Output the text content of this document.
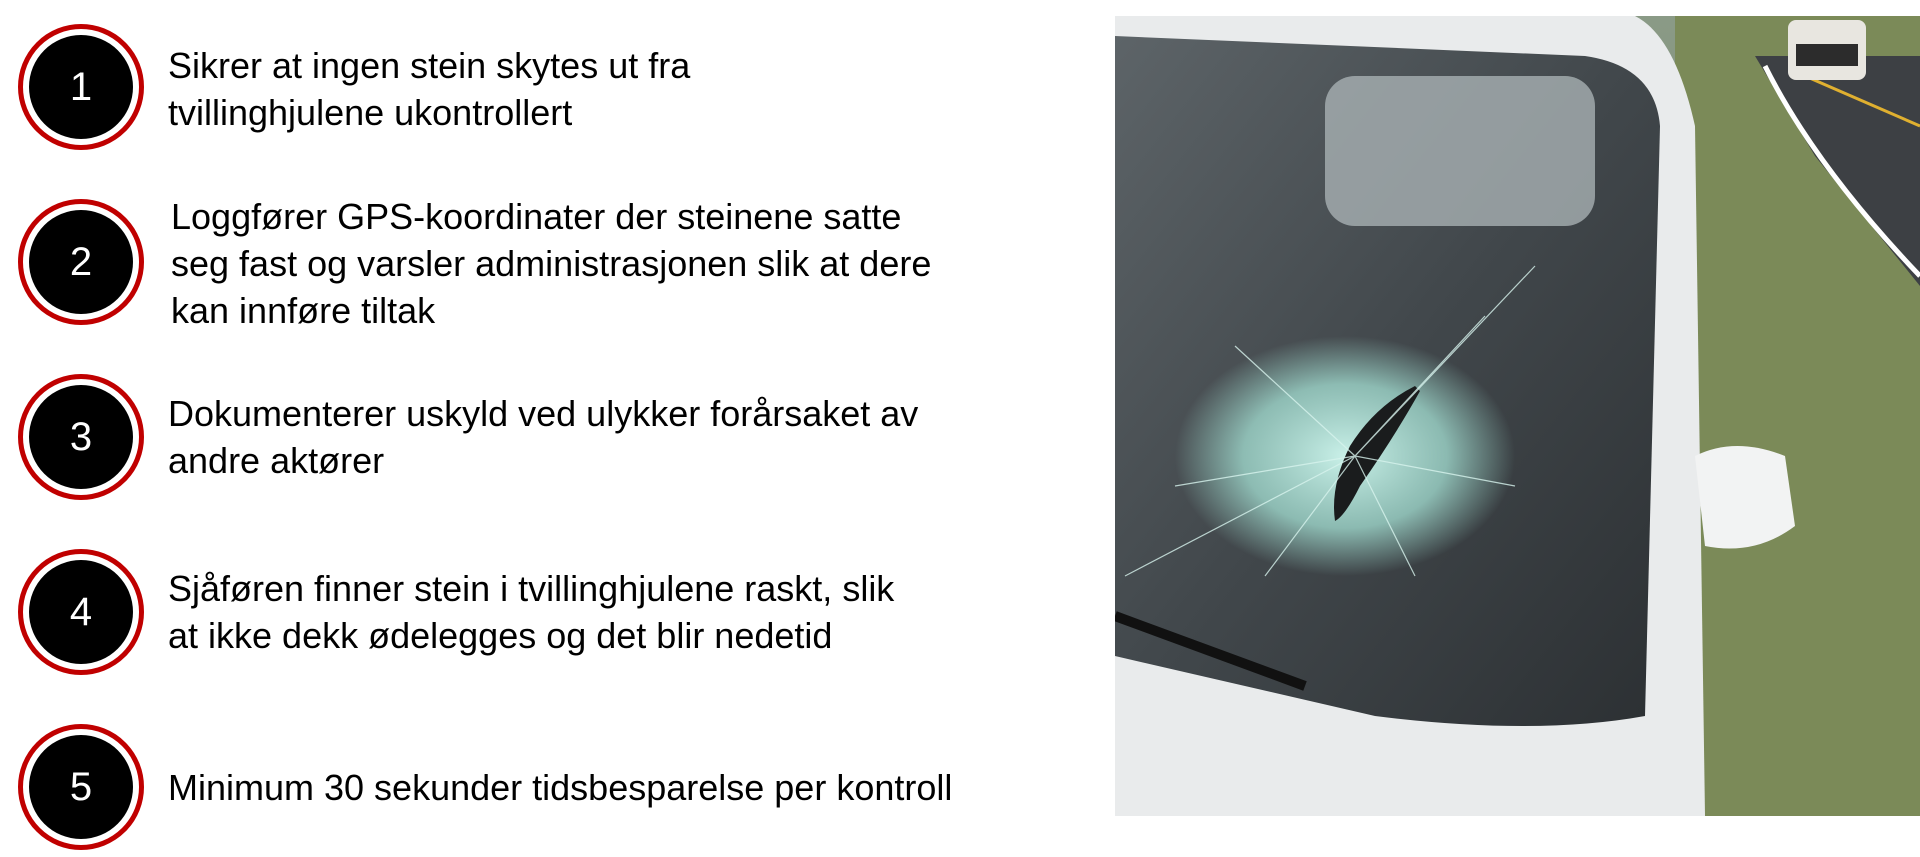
1	Sikrer at ingen stein skytes ut fra
tvillinghjulene ukontrollert
2
Loggfører GPS-koordinater der steinene satte
seg fast og varsler administrasjonen slik at dere
kan innføre tiltak
3
Dokumenterer uskyld ved ulykker forårsaket av
andre aktører
4
Sjåføren finner stein i tvillinghjulene raskt, slik
at ikke dekk ødelegges og det blir nedetid
5	Minimum 30 sekunder tidsbesparelse per kontroll
